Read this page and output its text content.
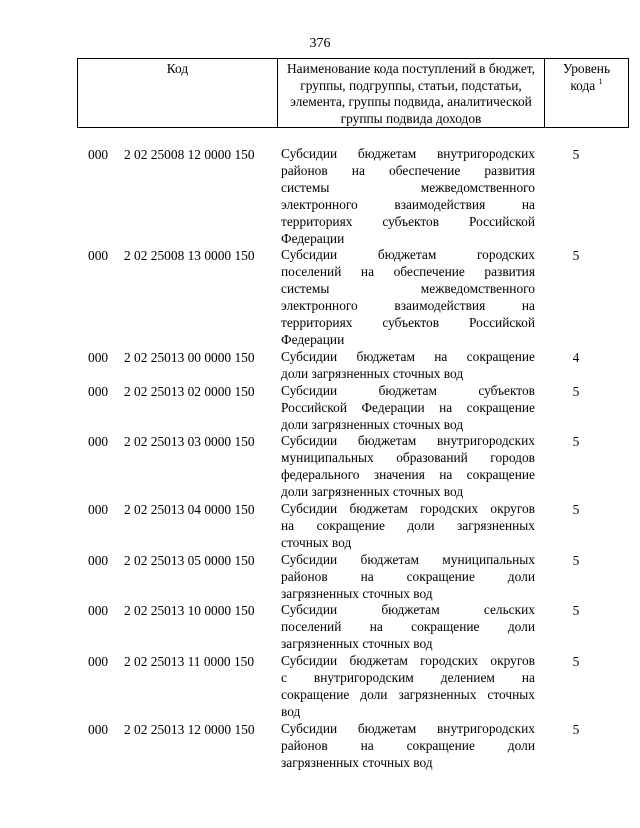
376
Код	Наименование кода поступлений в бюджет, группы, подгруппы, статьи, подстатьи, элемента, группы подвида, аналитической группы подвида доходов	Уровень кода $^1$
000 2 02 25008 12 0000 150 Субсидии бюджетам внутригородских
районов на обеспечение развития
системы межведомственного
электронного взаимодействия на
территориях субъектов Российской
Федерации
5
000 2 02 25008 13 0000 150 Субсидии бюджетам городских
поселений на обеспечение развития
системы межведомственного
электронного взаимодействия на
территориях субъектов Российской
Федерации
5
000 2 02 25013 00 0000 150 Субсидии бюджетам на сокращение
доли загрязненных сточных вод
4
000 2 02 25013 02 0000 150 Субсидии бюджетам субъектов
Российской Федерации на сокращение
доли загрязненных сточных вод
5
000 2 02 25013 03 0000 150 Субсидии бюджетам внутригородских
муниципальных образований городов
федерального значения на сокращение
доли загрязненных сточных вод
5
000 2 02 25013 04 0000 150 Субсидии бюджетам городских округов
на сокращение доли загрязненных
сточных вод
5
000 2 02 25013 05 0000 150 Субсидии бюджетам муниципальных
районов на сокращение доли
загрязненных сточных вод
5
000 2 02 25013 10 0000 150 Субсидии бюджетам сельских
поселений на сокращение доли
загрязненных сточных вод
5
000 2 02 25013 11 0000 150 Субсидии бюджетам городских округов
с внутригородским делением на
сокращение доли загрязненных сточных
вод
5
000 2 02 25013 12 0000 150 Субсидии бюджетам внутригородских
районов на сокращение доли
загрязненных сточных вод
5
